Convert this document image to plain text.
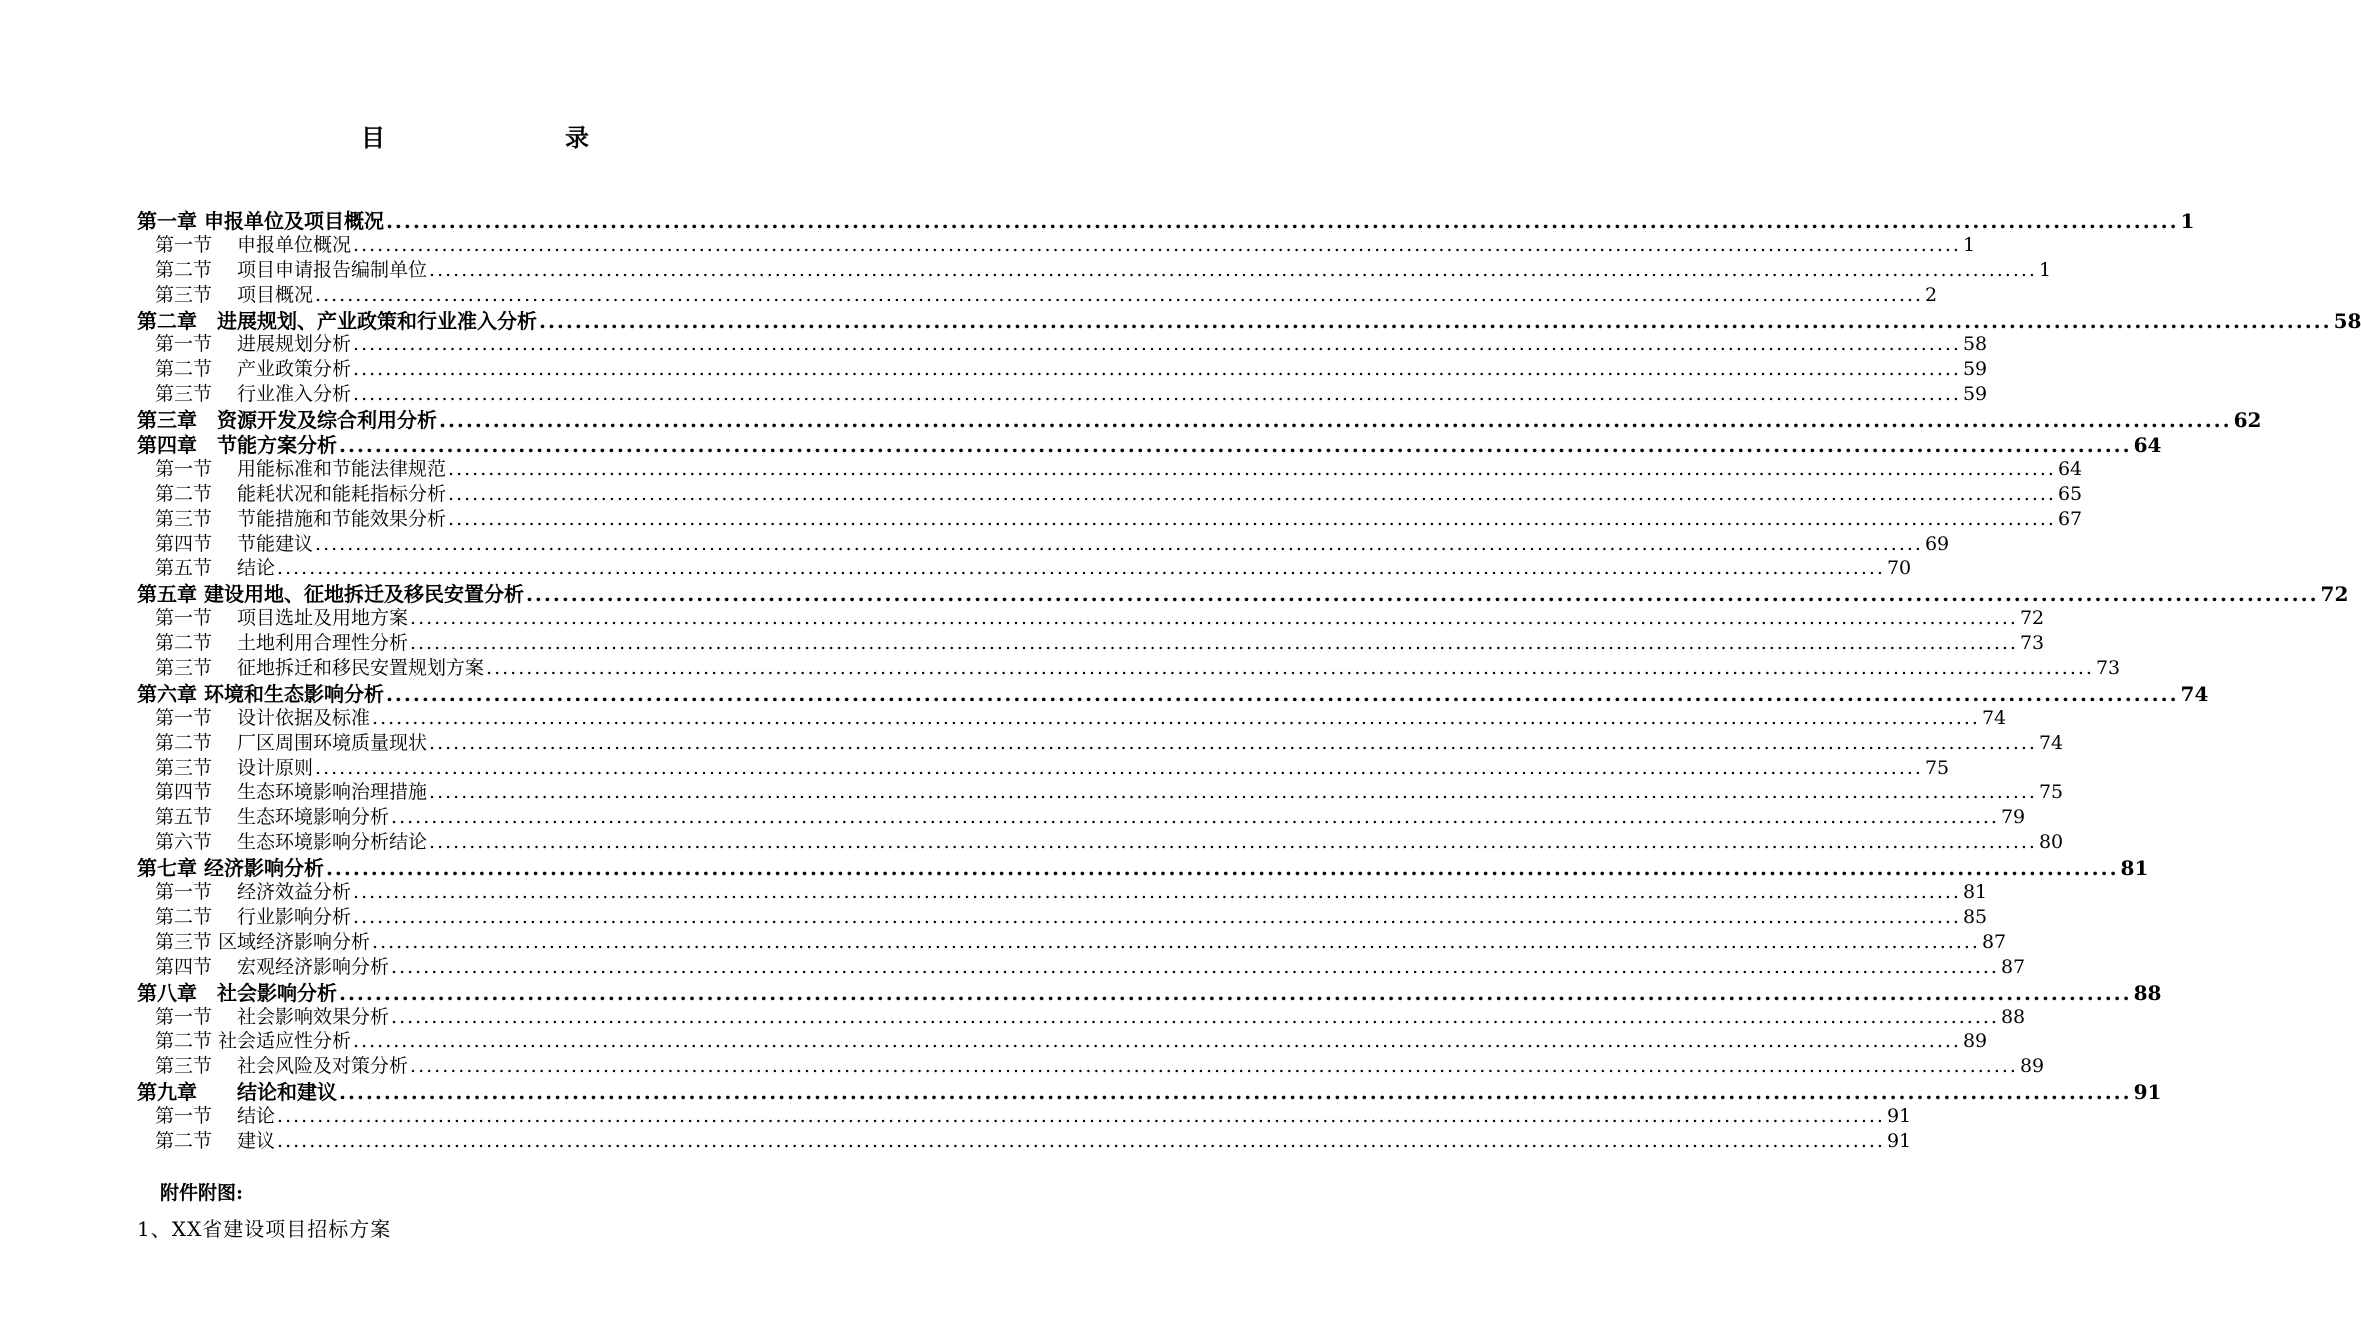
目　　录
第一章 申报单位及项目概况 ........................................................................................................................................................................................................ 1
第一节　 申报单位概况 ........................................................................................................................................................................................................ 1
第二节　 项目申请报告编制单位 ........................................................................................................................................................................................................ 1
第三节　 项目概况 ........................................................................................................................................................................................................ 2
第二章　进展规划、产业政策和行业准入分析 ........................................................................................................................................................................................................ 58
第一节　 进展规划分析 ........................................................................................................................................................................................................ 58
第二节　 产业政策分析 ........................................................................................................................................................................................................ 59
第三节　 行业准入分析 ........................................................................................................................................................................................................ 59
第三章　资源开发及综合利用分析 ........................................................................................................................................................................................................ 62
第四章　节能方案分析 ........................................................................................................................................................................................................ 64
第一节　 用能标准和节能法律规范 ........................................................................................................................................................................................................ 64
第二节　 能耗状况和能耗指标分析 ........................................................................................................................................................................................................ 65
第三节　 节能措施和节能效果分析 ........................................................................................................................................................................................................ 67
第四节　 节能建议 ........................................................................................................................................................................................................ 69
第五节　 结论 ........................................................................................................................................................................................................ 70
第五章 建设用地、征地拆迁及移民安置分析 ........................................................................................................................................................................................................ 72
第一节　 项目选址及用地方案 ........................................................................................................................................................................................................ 72
第二节　 土地利用合理性分析 ........................................................................................................................................................................................................ 73
第三节　 征地拆迁和移民安置规划方案 ........................................................................................................................................................................................................ 73
第六章 环境和生态影响分析 ........................................................................................................................................................................................................ 74
第一节　 设计依据及标准 ........................................................................................................................................................................................................ 74
第二节　 厂区周围环境质量现状 ........................................................................................................................................................................................................ 74
第三节　 设计原则 ........................................................................................................................................................................................................ 75
第四节　 生态环境影响治理措施 ........................................................................................................................................................................................................ 75
第五节　 生态环境影响分析 ........................................................................................................................................................................................................ 79
第六节　 生态环境影响分析结论 ........................................................................................................................................................................................................ 80
第七章 经济影响分析 ........................................................................................................................................................................................................ 81
第一节　 经济效益分析 ........................................................................................................................................................................................................ 81
第二节　 行业影响分析 ........................................................................................................................................................................................................ 85
第三节 区域经济影响分析 ........................................................................................................................................................................................................ 87
第四节　 宏观经济影响分析 ........................................................................................................................................................................................................ 87
第八章　社会影响分析 ........................................................................................................................................................................................................ 88
第一节　 社会影响效果分析 ........................................................................................................................................................................................................ 88
第二节 社会适应性分析 ........................................................................................................................................................................................................ 89
第三节　 社会风险及对策分析 ........................................................................................................................................................................................................ 89
第九章　　结论和建议 ........................................................................................................................................................................................................ 91
第一节　 结论 ........................................................................................................................................................................................................ 91
第二节　 建议 ........................................................................................................................................................................................................ 91
附件附图:
1、XX省建设项目招标方案
